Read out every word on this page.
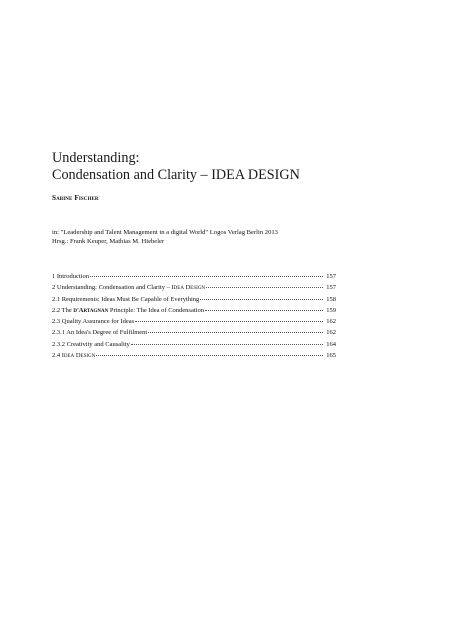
Understanding:
Condensation and Clarity – IDEA DESIGN
Sabine Fischer
in: "Leadership and Talent Management in a digital World" Logos Verlag Berlin 2013
Hrsg.: Frank Keuper, Mathias M. Hiebeler
1 Introduction	157
2 Understanding: Condensation and Clarity – Idea Design	157
2.1 Requirements: Ideas Must Be Capable of Everything	158
2.2 The d'Artagnan Principle: The Idea of Condensation	159
2.3 Quality Assurance for Ideas	162
2.3.1 An Idea's Degree of Fulfilment	162
2.3.2 Creativity and Causality	164
2.4 Idea Design	165
